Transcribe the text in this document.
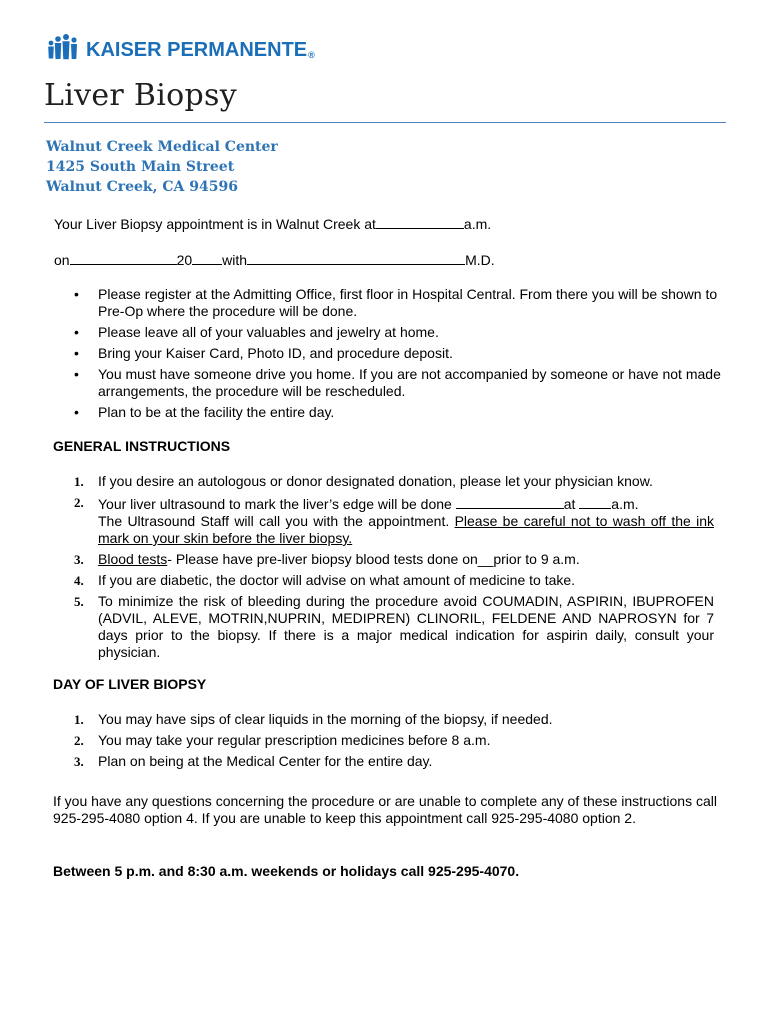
KAISER PERMANENTE®
Liver Biopsy
Walnut Creek Medical Center
1425 South Main Street
Walnut Creek, CA 94596
Your Liver Biopsy appointment is in Walnut Creek at	a.m.
on	20 with	M.D.
• Please register at the Admitting Office, first floor in Hospital Central. From there you will be shown to Pre-Op where the procedure will be done.
• Please leave all of your valuables and jewelry at home.
• Bring your Kaiser Card, Photo ID, and procedure deposit.
• You must have someone drive you home. If you are not accompanied by someone or have not made arrangements, the procedure will be rescheduled.
• Plan to be at the facility the entire day.
GENERAL INSTRUCTIONS
1. If you desire an autologous or donor designated donation, please let your physician know.
2. Your liver ultrasound to mark the liver’s edge will be done	at a.m.
The Ultrasound Staff will call you with the appointment. Please be careful not to wash off the ink mark on your skin before the liver biopsy.
3. Blood tests- Please have pre-liver biopsy blood tests done on__prior to 9 a.m.
4. If you are diabetic, the doctor will advise on what amount of medicine to take.
5. To minimize the risk of bleeding during the procedure avoid COUMADIN, ASPIRIN, IBUPROFEN (ADVIL, ALEVE, MOTRIN,NUPRIN, MEDIPREN) CLINORIL, FELDENE AND NAPROSYN for 7 days prior to the biopsy. If there is a major medical indication for aspirin daily, consult your physician.
DAY OF LIVER BIOPSY
1. You may have sips of clear liquids in the morning of the biopsy, if needed.
2. You may take your regular prescription medicines before 8 a.m.
3. Plan on being at the Medical Center for the entire day.
If you have any questions concerning the procedure or are unable to complete any of these instructions call 925-295-4080 option 4. If you are unable to keep this appointment call 925-295-4080 option 2.
Between 5 p.m. and 8:30 a.m. weekends or holidays call 925-295-4070.
